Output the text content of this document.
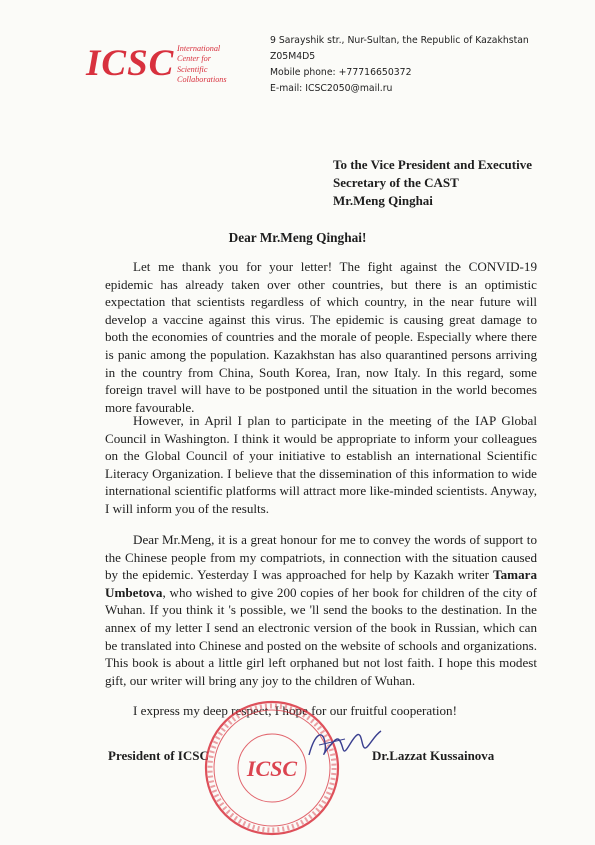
ICSC International
Center for
Scientific
Collaborations
9 Sarayshik str., Nur-Sultan, the Republic of Kazakhstan
Z05M4D5
Mobile phone: +77716650372
E-mail: ICSC2050@mail.ru
To the Vice President and Executive
Secretary of the CAST
Mr.Meng Qinghai
Dear Mr.Meng Qinghai!

Let me thank you for your letter! The fight against the CONVID-19 epidemic has already taken over other countries, but there is an optimistic expectation that scientists regardless of which country, in the near future will develop a vaccine against this virus. The epidemic is causing great damage to both the economies of countries and the morale of people. Especially where there is panic among the population. Kazakhstan has also quarantined persons arriving in the country from China, South Korea, Iran, now Italy. In this regard, some foreign travel will have to be postponed until the situation in the world becomes more favourable.

However, in April I plan to participate in the meeting of the IAP Global Council in Washington. I think it would be appropriate to inform your colleagues on the Global Council of your initiative to establish an international Scientific Literacy Organization. I believe that the dissemination of this information to wide international scientific platforms will attract more like-minded scientists. Anyway, I will inform you of the results.

Dear Mr.Meng, it is a great honour for me to convey the words of support to the Chinese people from my compatriots, in connection with the situation caused by the epidemic. Yesterday I was approached for help by Kazakh writer Tamara Umbetova, who wished to give 200 copies of her book for children of the city of Wuhan. If you think it 's possible, we 'll send the books to the destination. In the annex of my letter I send an electronic version of the book in Russian, which can be translated into Chinese and posted on the website of schools and organizations. This book is about a little girl left orphaned but not lost faith. I hope this modest gift, our writer will bring any joy to the children of Wuhan.

I express my deep respect, I hope for our fruitful cooperation!
President of ICSC	Dr.Lazzat Kussainova
ICSC
